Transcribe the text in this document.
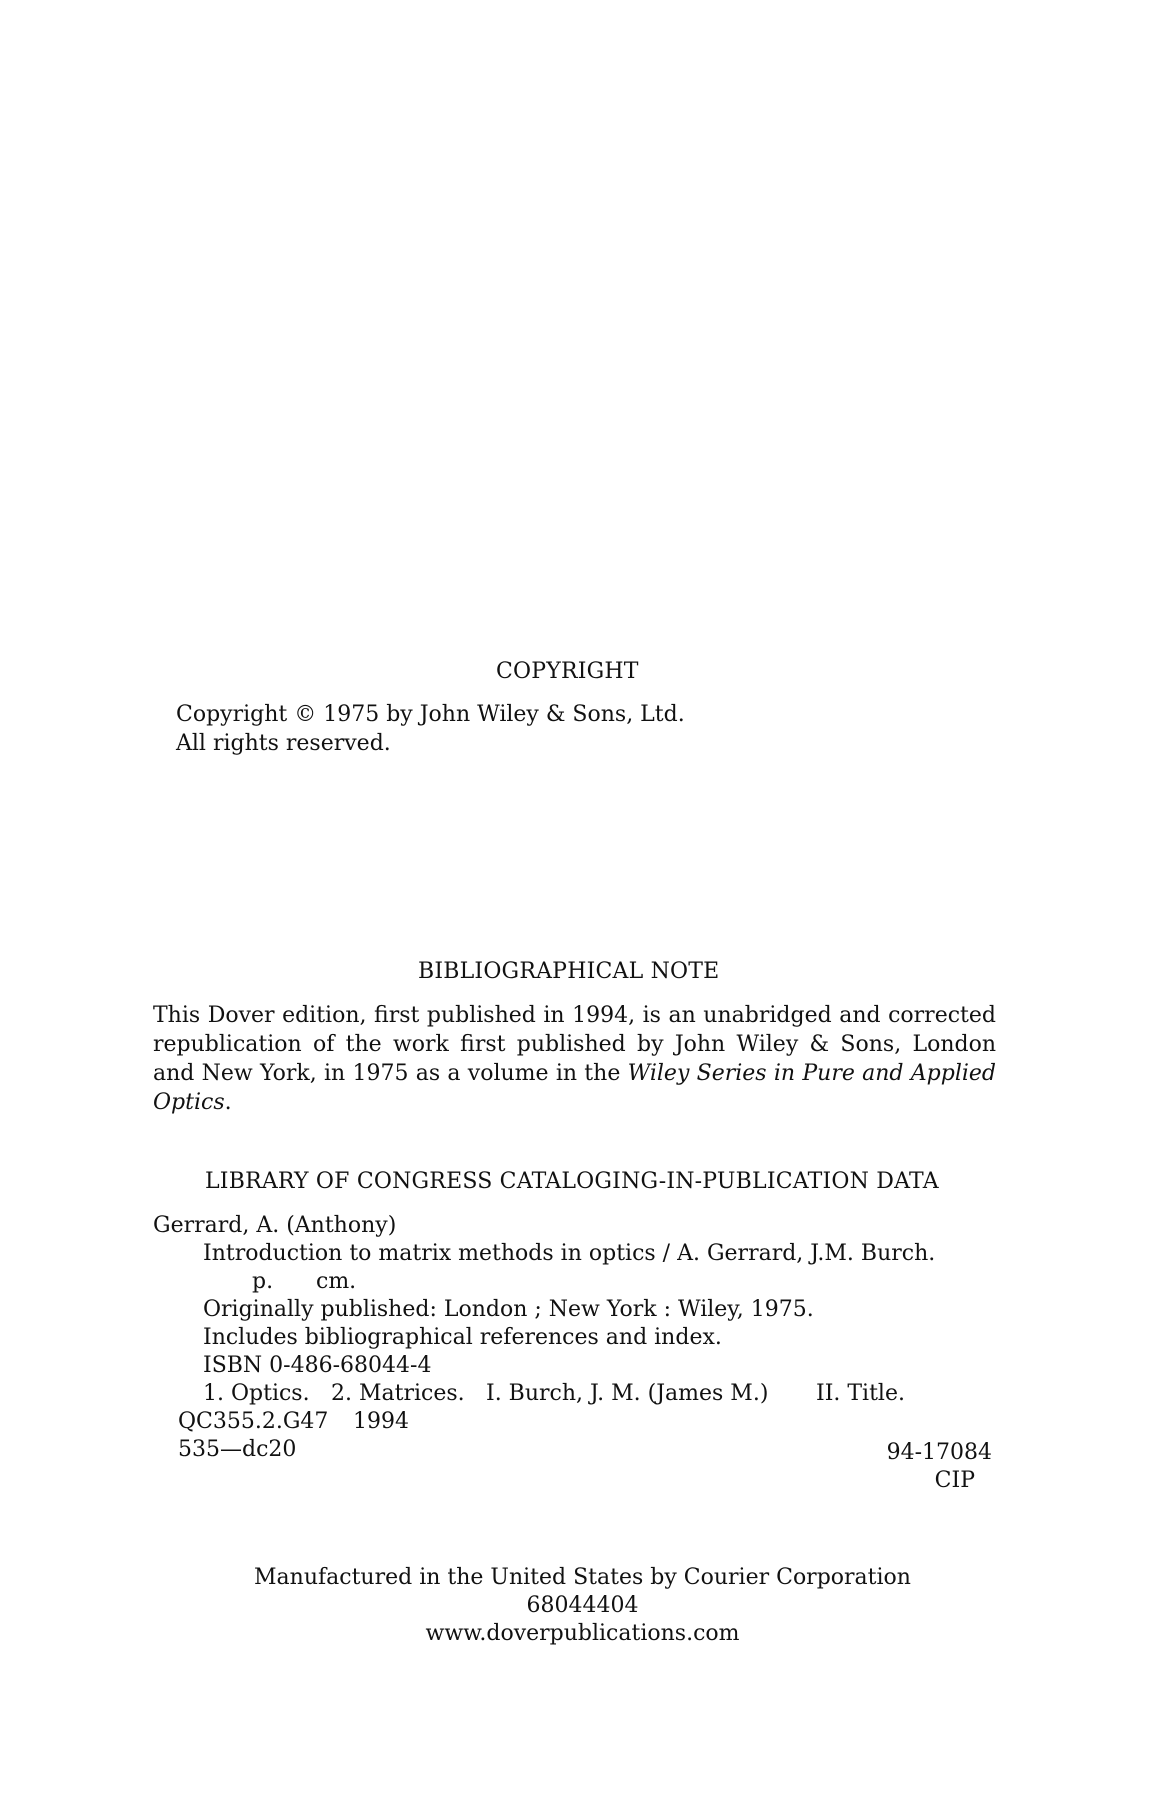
COPYRIGHT
Copyright © 1975 by John Wiley & Sons, Ltd.
All rights reserved.
BIBLIOGRAPHICAL NOTE
This Dover edition, first published in 1994, is an unabridged and corrected republication of the work first published by John Wiley & Sons, London and New York, in 1975 as a volume in the Wiley Series in Pure and Applied Optics.
LIBRARY OF CONGRESS CATALOGING-IN-PUBLICATION DATA
Gerrard, A. (Anthony)
Introduction to matrix methods in optics / A. Gerrard, J.M. Burch.
p. cm.
Originally published: London ; New York : Wiley, 1975.
Includes bibliographical references and index.
ISBN 0-486-68044-4
1. Optics. 2. Matrices. I. Burch, J. M. (James M.) II. Title.
QC355.2.G47 1994
535—dc20	94-17084
CIP
Manufactured in the United States by Courier Corporation
68044404
www.doverpublications.com
